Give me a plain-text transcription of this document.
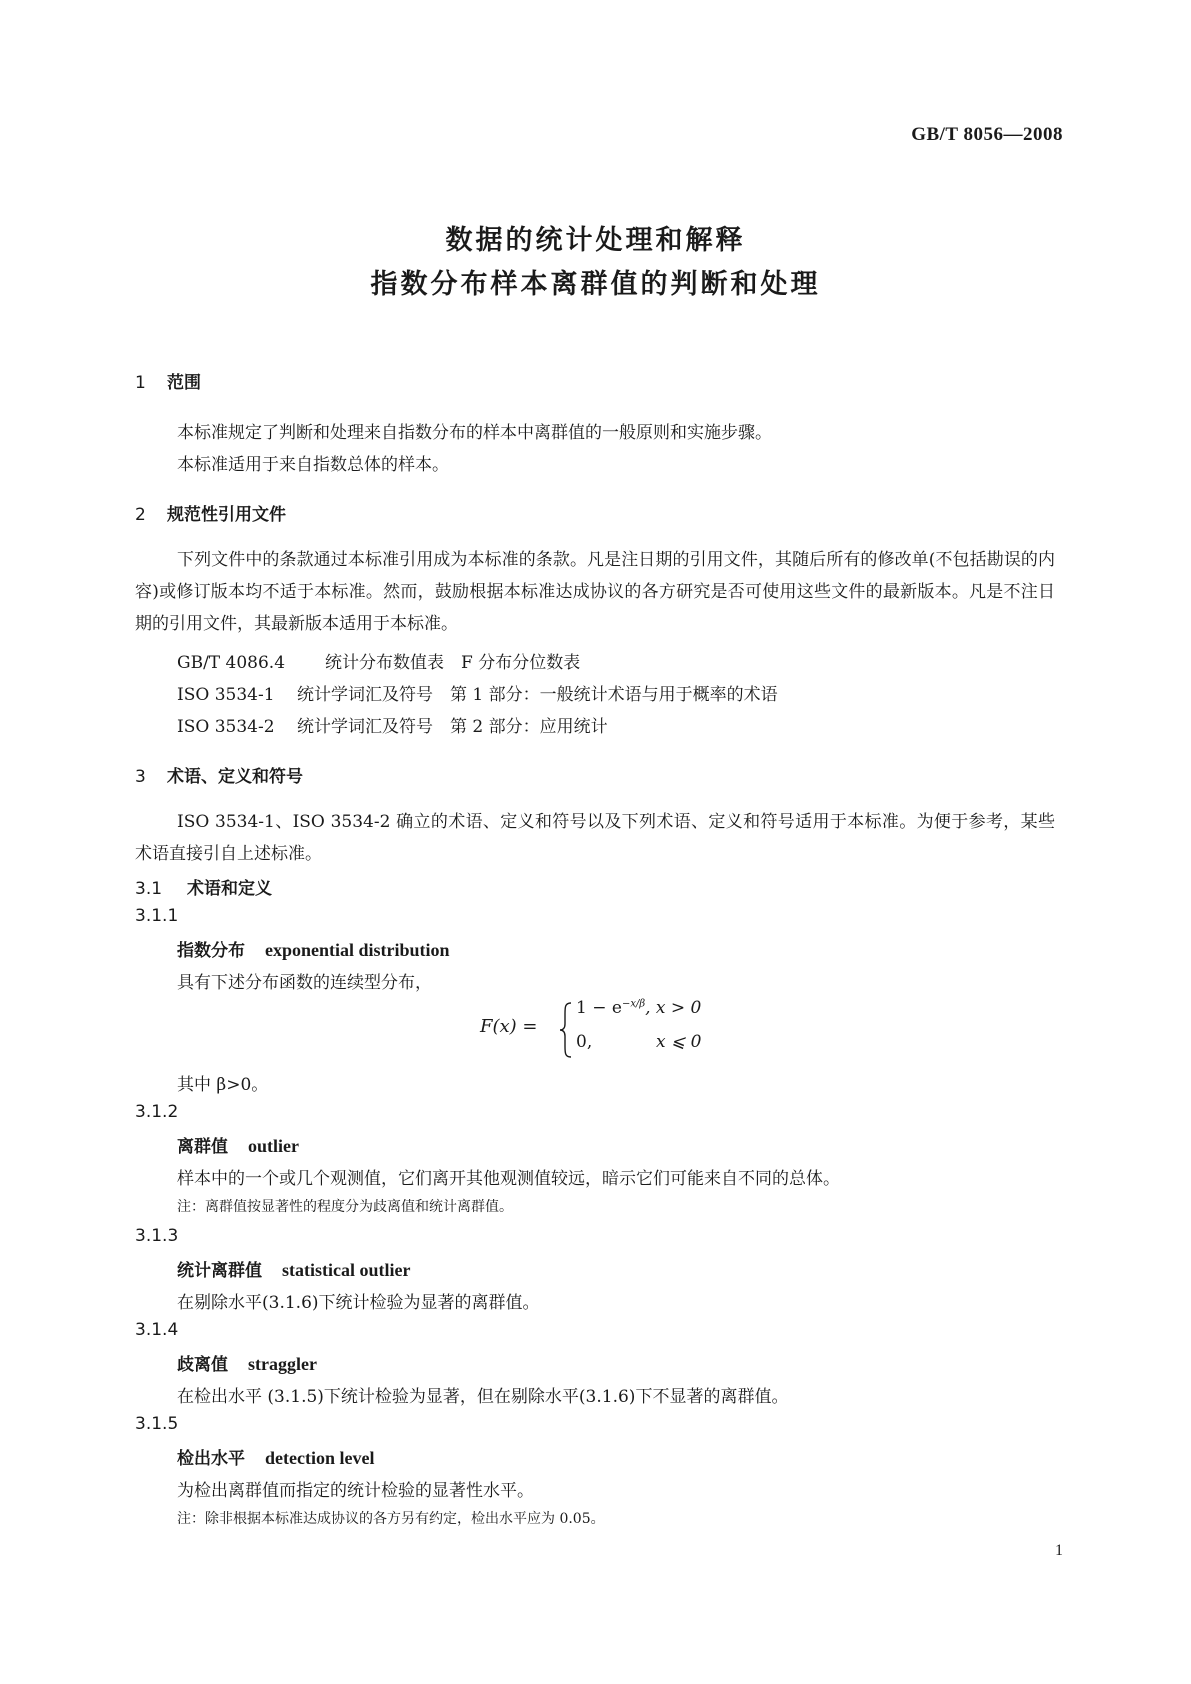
GB/T 8056—2008
数据的统计处理和解释
指数分布样本离群值的判断和处理
1 范围
本标准规定了判断和处理来自指数分布的样本中离群值的一般原则和实施步骤。
本标准适用于来自指数总体的样本。
2 规范性引用文件
下列文件中的条款通过本标准引用成为本标准的条款。凡是注日期的引用文件，其随后所有的修改单(不包括勘误的内容)或修订版本均不适于本标准。然而，鼓励根据本标准达成协议的各方研究是否可使用这些文件的最新版本。凡是不注日期的引用文件，其最新版本适用于本标准。
GB/T 4086.4 统计分布数值表　F 分布分位数表
ISO 3534-1 统计学词汇及符号　第 1 部分：一般统计术语与用于概率的术语
ISO 3534-2 统计学词汇及符号　第 2 部分：应用统计
3 术语、定义和符号
ISO 3534-1、ISO 3534-2 确立的术语、定义和符号以及下列术语、定义和符号适用于本标准。为便于参考，某些术语直接引自上述标准。
3.1 术语和定义
3.1.1
指数分布 exponential distribution
具有下述分布函数的连续型分布，
F(x) =
$1 - e^{-x/\beta}$, x > 0
0,	x ⩽ 0
其中 β>0。
3.1.2
离群值 outlier
样本中的一个或几个观测值，它们离开其他观测值较远，暗示它们可能来自不同的总体。
注：离群值按显著性的程度分为歧离值和统计离群值。
3.1.3
统计离群值 statistical outlier
在剔除水平(3.1.6)下统计检验为显著的离群值。
3.1.4
歧离值 straggler
在检出水平 (3.1.5)下统计检验为显著，但在剔除水平(3.1.6)下不显著的离群值。
3.1.5
检出水平 detection level
为检出离群值而指定的统计检验的显著性水平。
注：除非根据本标准达成协议的各方另有约定，检出水平应为 0.05。
1
